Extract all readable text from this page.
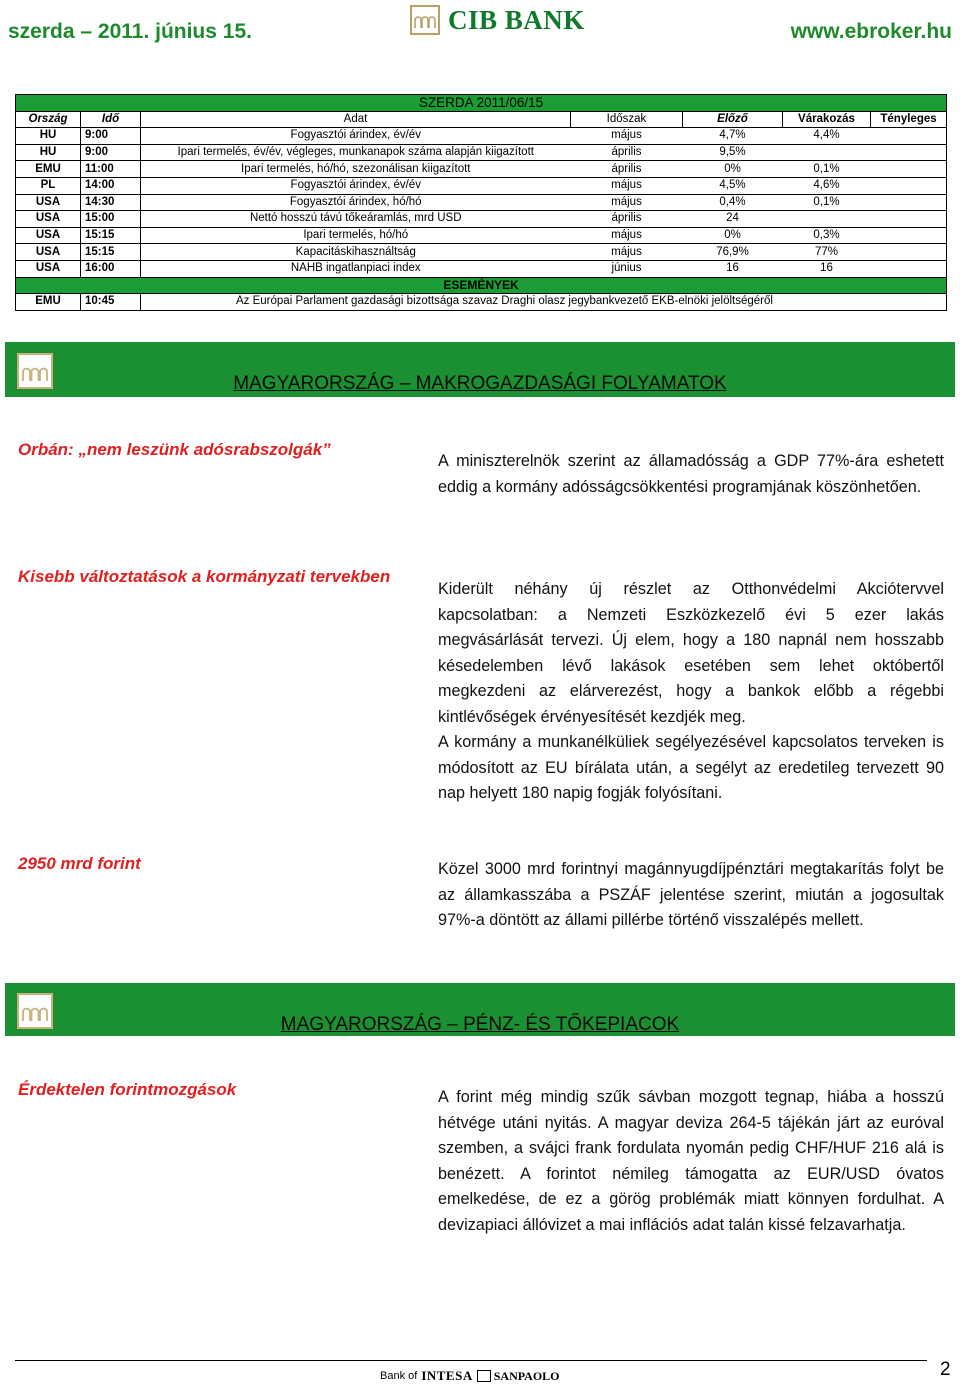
szerda – 2011. június 15.	CIB BANK	www.ebroker.hu
SZERDA 2011/06/15						
Ország	Idő	Adat	Időszak	Előző	Várakozás	Tényleges
HU	9:00	Fogyasztói árindex, év/év	május	4,7%	4,4%	
HU	9:00	Ipari termelés, év/év, végleges, munkanapok száma alapján kiigazított	április	9,5%		
EMU	11:00	Ipari termelés, hó/hó, szezonálisan kiigazított	április	0%	0,1%	
PL	14:00	Fogyasztói árindex, év/év	május	4,5%	4,6%	
USA	14:30	Fogyasztói árindex, hó/hó	május	0,4%	0,1%	
USA	15:00	Nettó hosszú távú tőkeáramlás, mrd USD	április	24		
USA	15:15	Ipari termelés, hó/hó	május	0%	0,3%	
USA	15:15	Kapacitáskihasználtság	május	76,9%	77%	
USA	16:00	NAHB ingatlanpiaci index	június	16	16	
ESEMÉNYEK						
EMU	10:45	Az Európai Parlament gazdasági bizottsága szavaz Draghi olasz jegybankvezető EKB-elnöki jelöltségéről				
MAGYARORSZÁG – MAKROGAZDASÁGI FOLYAMATOK
Orbán: „nem leszünk adósrabszolgák”

A miniszterelnök szerint az államadósság a GDP 77%-ára eshetett eddig a kormány adósságcsökkentési programjának köszönhetően.

Kisebb változtatások a kormányzati tervekben

Kiderült néhány új részlet az Otthonvédelmi Akciótervvel kapcsolatban: a Nemzeti Eszközkezelő évi 5 ezer lakás megvásárlását tervezi. Új elem, hogy a 180 napnál nem hosszabb késedelemben lévő lakások esetében sem lehet októbertől megkezdeni az elárverezést, hogy a bankok előbb a régebbi kintlévőségek érvényesítését kezdjék meg.

A kormány a munkanélküliek segélyezésével kapcsolatos terveken is módosított az EU bírálata után, a segélyt az eredetileg tervezett 90 nap helyett 180 napig fogják folyósítani.

2950 mrd forint	Közel 3000 mrd forintnyi magánnyugdíjpénztári megtakarítás folyt be az államkasszába a PSZÁF jelentése szerint, miután a jogosultak 97%-a döntött az állami pillérbe történő visszalépés mellett.

MAGYARORSZÁG – PÉNZ- ÉS TŐKEPIACOK
Érdektelen forintmozgások	A forint még mindig szűk sávban mozgott tegnap, hiába a hosszú hétvége utáni nyitás. A magyar deviza 264-5 tájékán járt az euróval szemben, a svájci frank fordulata nyomán pedig CHF/HUF 216 alá is benézett. A forintot némileg támogatta az EUR/USD óvatos emelkedése, de ez a görög problémák miatt könnyen fordulhat. A devizapiaci állóvizet a mai inflációs adat talán kissé felzavarhatja.

Bank of INTESA SANPAOLO	2
